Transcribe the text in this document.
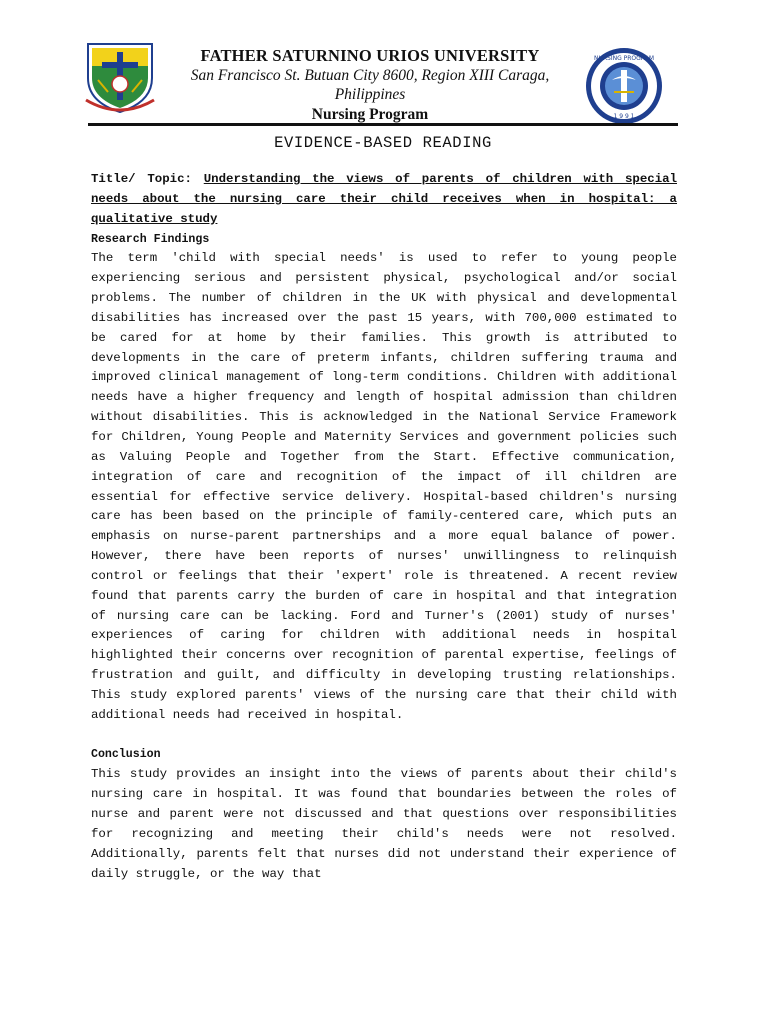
FATHER SATURNINO URIOS UNIVERSITY
San Francisco St. Butuan City 8600, Region XIII Caraga,
Philippines
Nursing Program
NURSING PROGRAM
1 9 9 1
EVIDENCE-BASED READING

Title/ Topic: Understanding the views of parents of children with special needs about the nursing care their child receives when in hospital: a qualitative study

Research Findings

The term 'child with special needs' is used to refer to young people experiencing serious and persistent physical, psychological and/or social problems. The number of children in the UK with physical and developmental disabilities has increased over the past 15 years, with 700,000 estimated to be cared for at home by their families. This growth is attributed to developments in the care of preterm infants, children suffering trauma and improved clinical management of long-term conditions. Children with additional needs have a higher frequency and length of hospital admission than children without disabilities. This is acknowledged in the National Service Framework for Children, Young People and Maternity Services and government policies such as Valuing People and Together from the Start. Effective communication, integration of care and recognition of the impact of ill children are essential for effective service delivery. Hospital-based children's nursing care has been based on the principle of family-centered care, which puts an emphasis on nurse-parent partnerships and a more equal balance of power. However, there have been reports of nurses' unwillingness to relinquish control or feelings that their 'expert' role is threatened. A recent review found that parents carry the burden of care in hospital and that integration of nursing care can be lacking. Ford and Turner's (2001) study of nurses' experiences of caring for children with additional needs in hospital highlighted their concerns over recognition of parental expertise, feelings of frustration and guilt, and difficulty in developing trusting relationships. This study explored parents' views of the nursing care that their child with additional needs had received in hospital.

Conclusion

This study provides an insight into the views of parents about their child's nursing care in hospital. It was found that boundaries between the roles of nurse and parent were not discussed and that questions over responsibilities for recognizing and meeting their child's needs were not resolved. Additionally, parents felt that nurses did not understand their experience of daily struggle, or the way that
